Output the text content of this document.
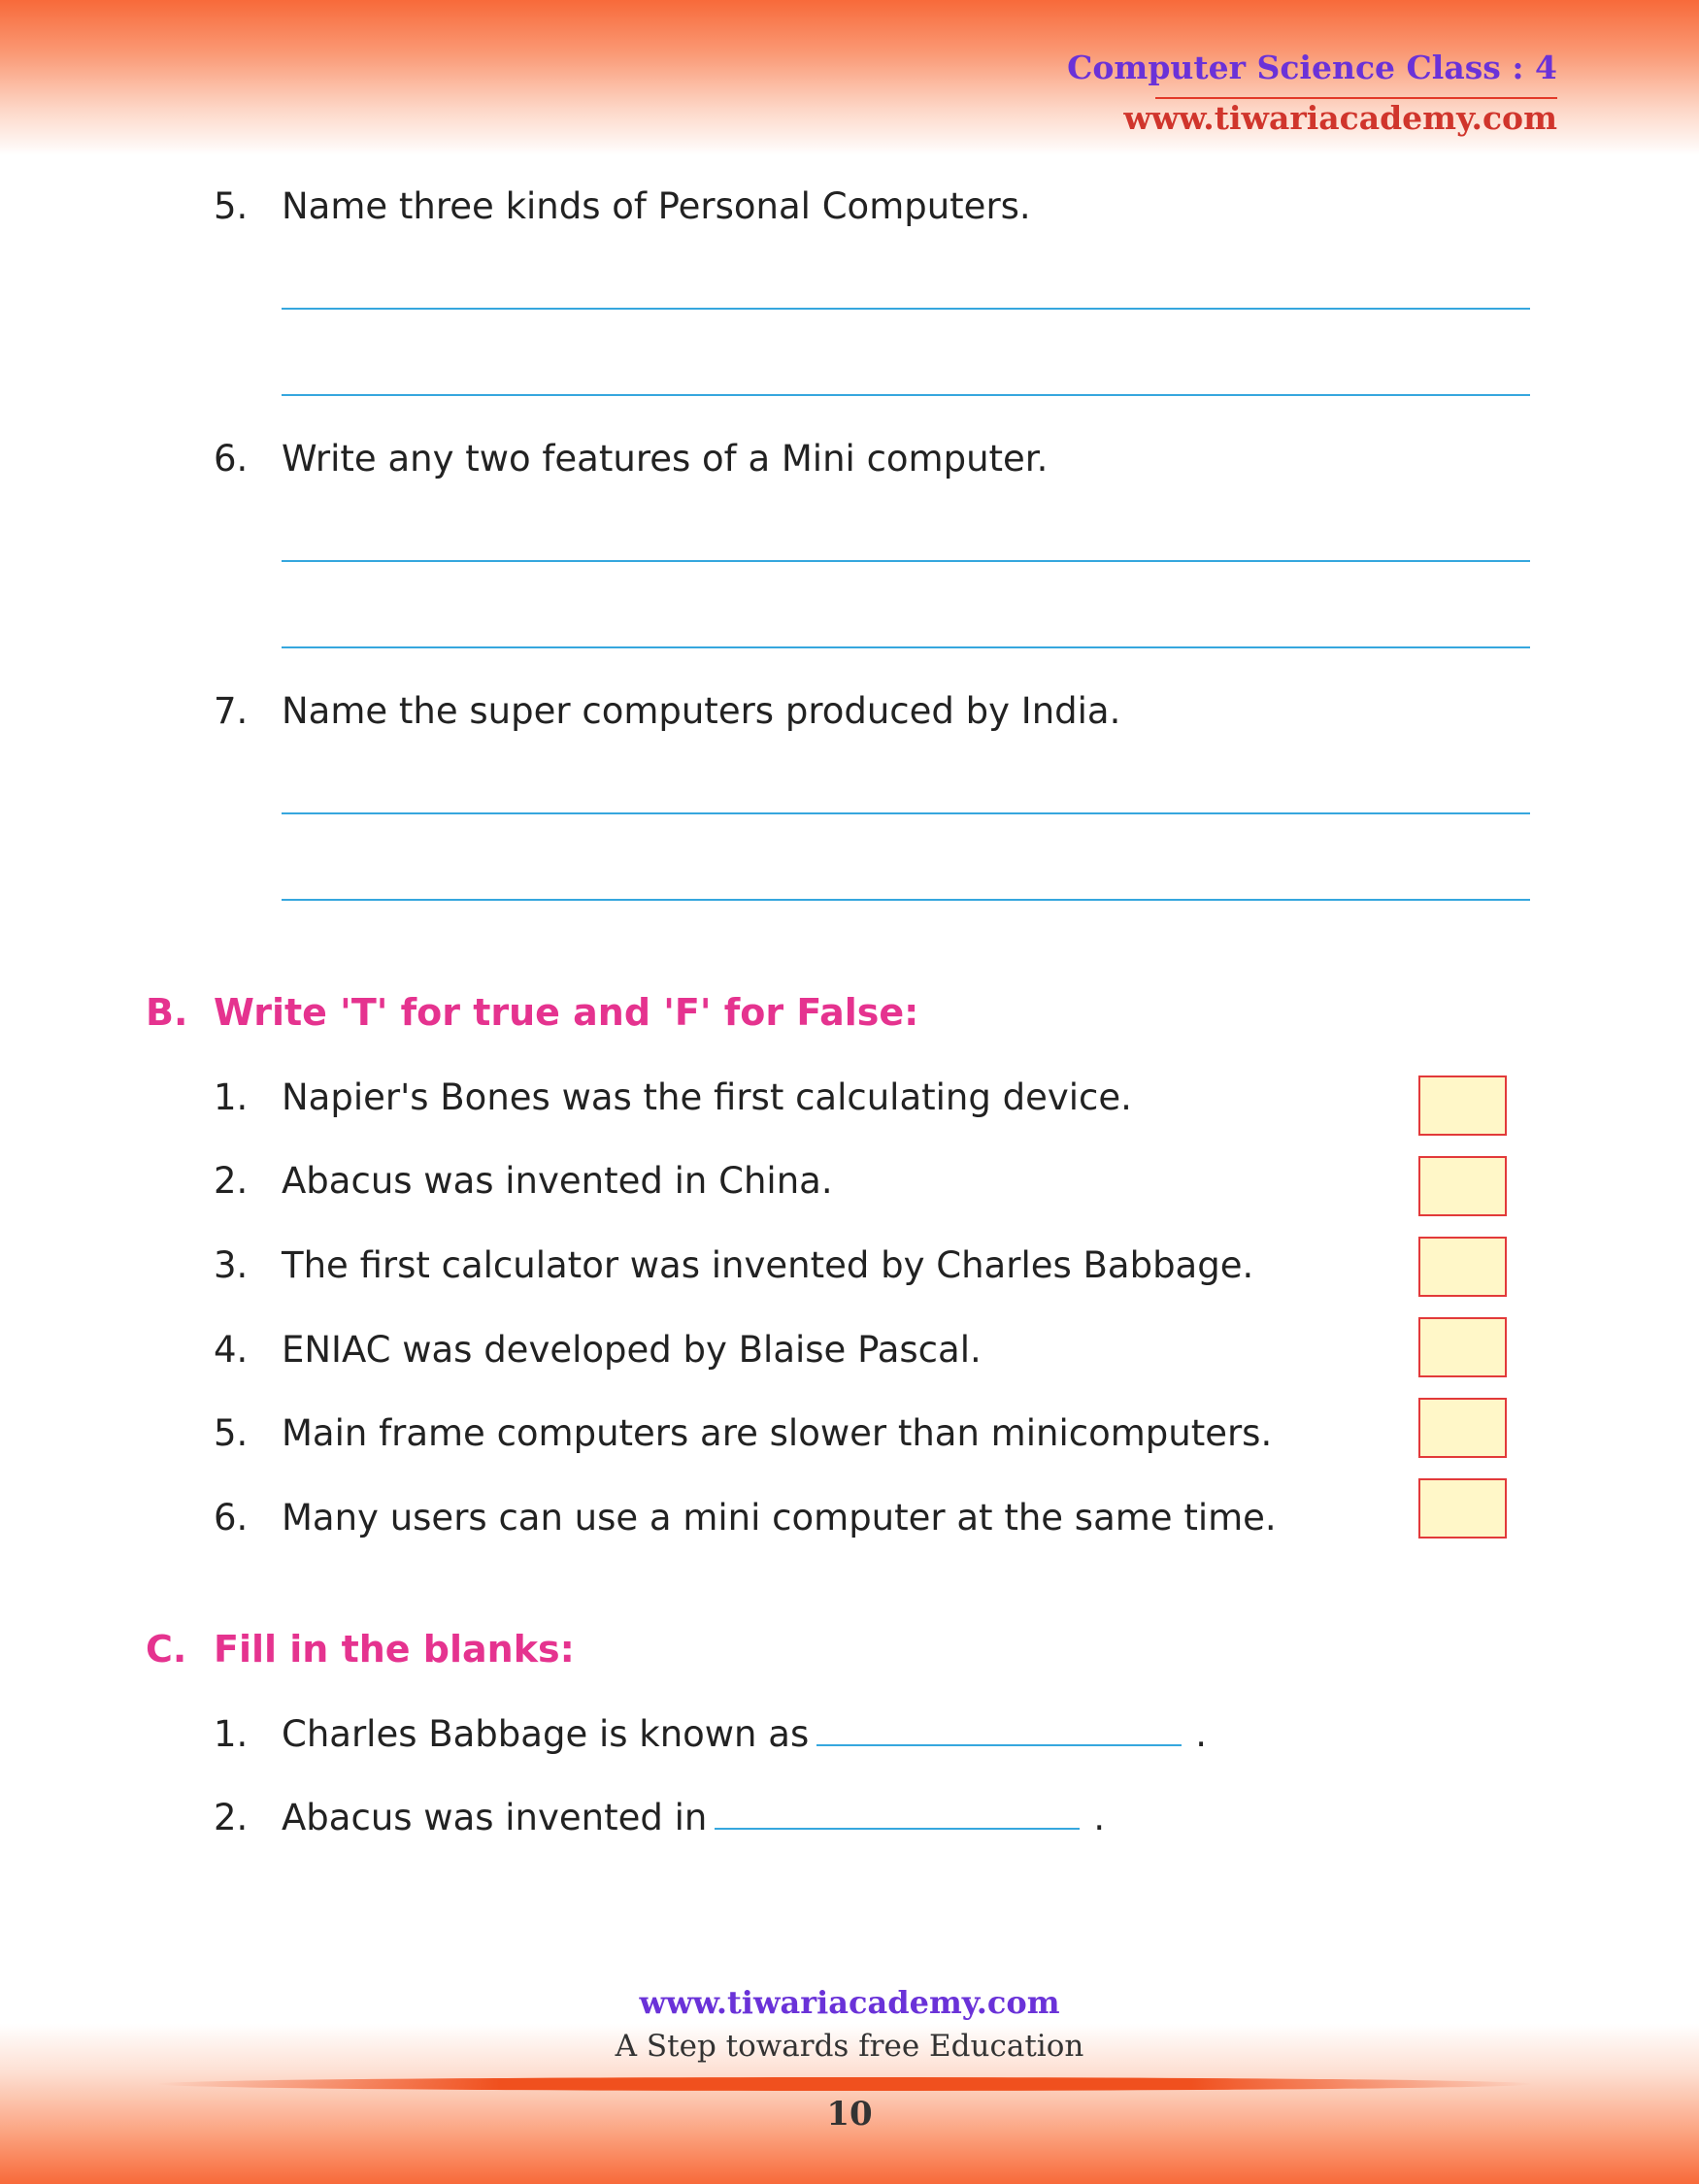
Computer Science Class : 4

www.tiwariacademy.com

5. Name three kinds of Personal Computers.
6. Write any two features of a Mini computer.
7. Name the super computers produced by India.
B. Write 'T' for true and 'F' for False:
1. Napier's Bones was the first calculating device.
2. Abacus was invented in China.
3. The first calculator was invented by Charles Babbage.
4. ENIAC was developed by Blaise Pascal.
5. Main frame computers are slower than minicomputers.
6. Many users can use a mini computer at the same time.
C. Fill in the blanks:
1. Charles Babbage is known as	.
2. Abacus was invented in	.
www.tiwariacademy.com
A Step towards free Education
10
